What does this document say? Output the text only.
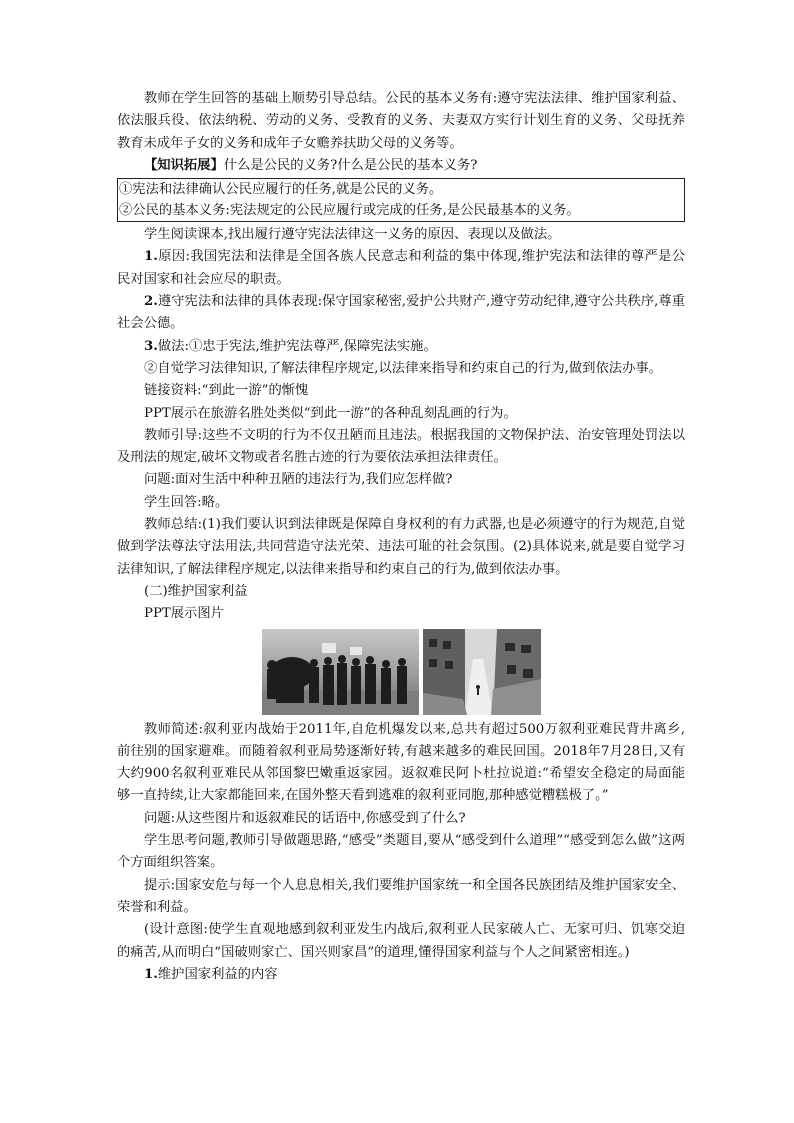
教师在学生回答的基础上顺势引导总结。公民的基本义务有:遵守宪法法律、维护国家利益、依法服兵役、依法纳税、劳动的义务、受教育的义务、夫妻双方实行计划生育的义务、父母抚养教育未成年子女的义务和成年子女赡养扶助父母的义务等。

【知识拓展】什么是公民的义务?什么是公民的基本义务?

①宪法和法律确认公民应履行的任务,就是公民的义务。

②公民的基本义务:宪法规定的公民应履行或完成的任务,是公民最基本的义务。

学生阅读课本,找出履行遵守宪法法律这一义务的原因、表现以及做法。

1.原因:我国宪法和法律是全国各族人民意志和利益的集中体现,维护宪法和法律的尊严是公民对国家和社会应尽的职责。

2.遵守宪法和法律的具体表现:保守国家秘密,爱护公共财产,遵守劳动纪律,遵守公共秩序,尊重社会公德。

3.做法:①忠于宪法,维护宪法尊严,保障宪法实施。

②自觉学习法律知识,了解法律程序规定,以法律来指导和约束自己的行为,做到依法办事。

链接资料:“到此一游”的惭愧

PPT展示在旅游名胜处类似“到此一游”的各种乱刻乱画的行为。

教师引导:这些不文明的行为不仅丑陋而且违法。根据我国的文物保护法、治安管理处罚法以及刑法的规定,破坏文物或者名胜古迹的行为要依法承担法律责任。

问题:面对生活中种种丑陋的违法行为,我们应怎样做?

学生回答:略。

教师总结:(1)我们要认识到法律既是保障自身权利的有力武器,也是必须遵守的行为规范,自觉做到学法尊法守法用法,共同营造守法光荣、违法可耻的社会氛围。(2)具体说来,就是要自觉学习法律知识,了解法律程序规定,以法律来指导和约束自己的行为,做到依法办事。

(二)维护国家利益

PPT展示图片

教师简述:叙利亚内战始于2011年,自危机爆发以来,总共有超过500万叙利亚难民背井离乡,前往别的国家避难。而随着叙利亚局势逐渐好转,有越来越多的难民回国。2018年7月28日,又有大约900名叙利亚难民从邻国黎巴嫩重返家园。返叙难民阿卜杜拉说道:“希望安全稳定的局面能够一直持续,让大家都能回来,在国外整天看到逃难的叙利亚同胞,那种感觉糟糕极了。”

问题:从这些图片和返叙难民的话语中,你感受到了什么?

学生思考问题,教师引导做题思路,“感受”类题目,要从“感受到什么道理”“感受到怎么做”这两个方面组织答案。

提示:国家安危与每一个人息息相关,我们要维护国家统一和全国各民族团结及维护国家安全、荣誉和利益。

(设计意图:使学生直观地感到叙利亚发生内战后,叙利亚人民家破人亡、无家可归、饥寒交迫的痛苦,从而明白“国破则家亡、国兴则家昌”的道理,懂得国家利益与个人之间紧密相连。)

1.维护国家利益的内容
